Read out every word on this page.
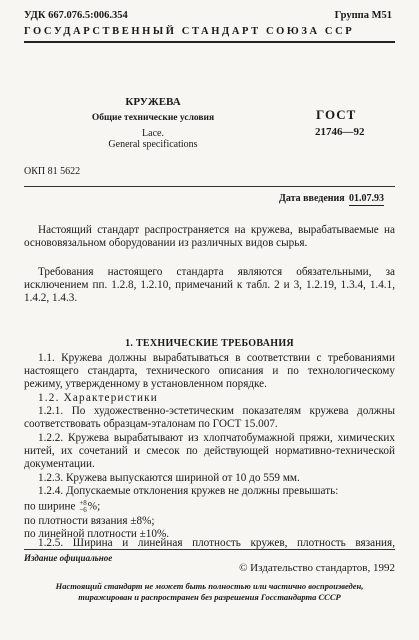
УДК 667.076.5:006.354	Группа М51
ГОСУДАРСТВЕННЫЙ СТАНДАРТ СОЮЗА ССР
КРУЖЕВА
Общие технические условия
Lace.
General specifications
ГОСТ
21746—92
ОКП 81 5622
Дата введения 01.07.93
Настоящий стандарт распространяется на кружева, вырабатываемые на основовязальном оборудовании из различных видов сырья.
Требования настоящего стандарта являются обязательными, за исключением пп. 1.2.8, 1.2.10, примечаний к табл. 2 и 3, 1.2.19, 1.3.4, 1.4.1, 1.4.2, 1.4.3.
1. ТЕХНИЧЕСКИЕ ТРЕБОВАНИЯ
1.1. Кружева должны вырабатываться в соответствии с требованиями настоящего стандарта, технического описания и по технологическому режиму, утвержденному в установленном порядке.
1.2. Характеристики
1.2.1. По художественно-эстетическим показателям кружева должны соответствовать образцам-эталонам по ГОСТ 15.007.
1.2.2. Кружева вырабатывают из хлопчатобумажной пряжи, химических нитей, их сочетаний и смесок по действующей нормативно-технической документации.
1.2.3. Кружева выпускаются шириной от 10 до 559 мм.
1.2.4. Допускаемые отклонения кружев не должны превышать:
по ширине +8
−6%;
по плотности вязания ±8%;
по линейной плотности ±10%.
1.2.5. Ширина и линейная плотность кружев, плотность вязания,
Издание официальное
© Издательство стандартов, 1992
Настоящий стандарт не может быть полностью или частично воспроизведен,
тиражирован и распространен без разрешения Госстандарта СССР
